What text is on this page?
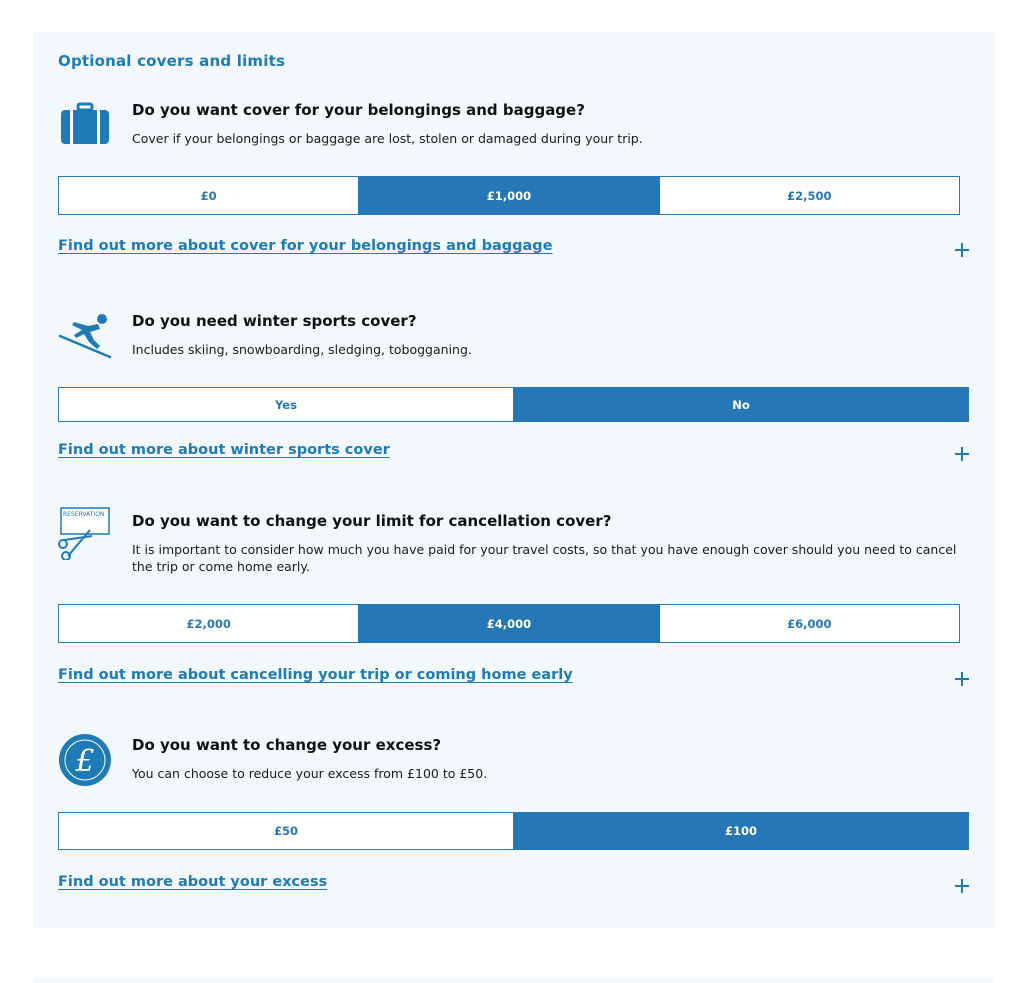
Optional covers and limits
Do you want cover for your belongings and baggage?
Cover if your belongings or baggage are lost, stolen or damaged during your trip.
£0	£1,000	£2,500
Find out more about cover for your belongings and baggage
Do you need winter sports cover?
Includes skiing, snowboarding, sledging, tobogganing.
Yes	No
Find out more about winter sports cover
RESERVATION Do you want to change your limit for cancellation cover?
It is important to consider how much you have paid for your travel costs, so that you have enough cover should you need to cancel the trip or come home early.
£2,000	£4,000	£6,000
Find out more about cancelling your trip or coming home early
£ Do you want to change your excess?
You can choose to reduce your excess from £100 to £50.
£50	£100
Find out more about your excess
